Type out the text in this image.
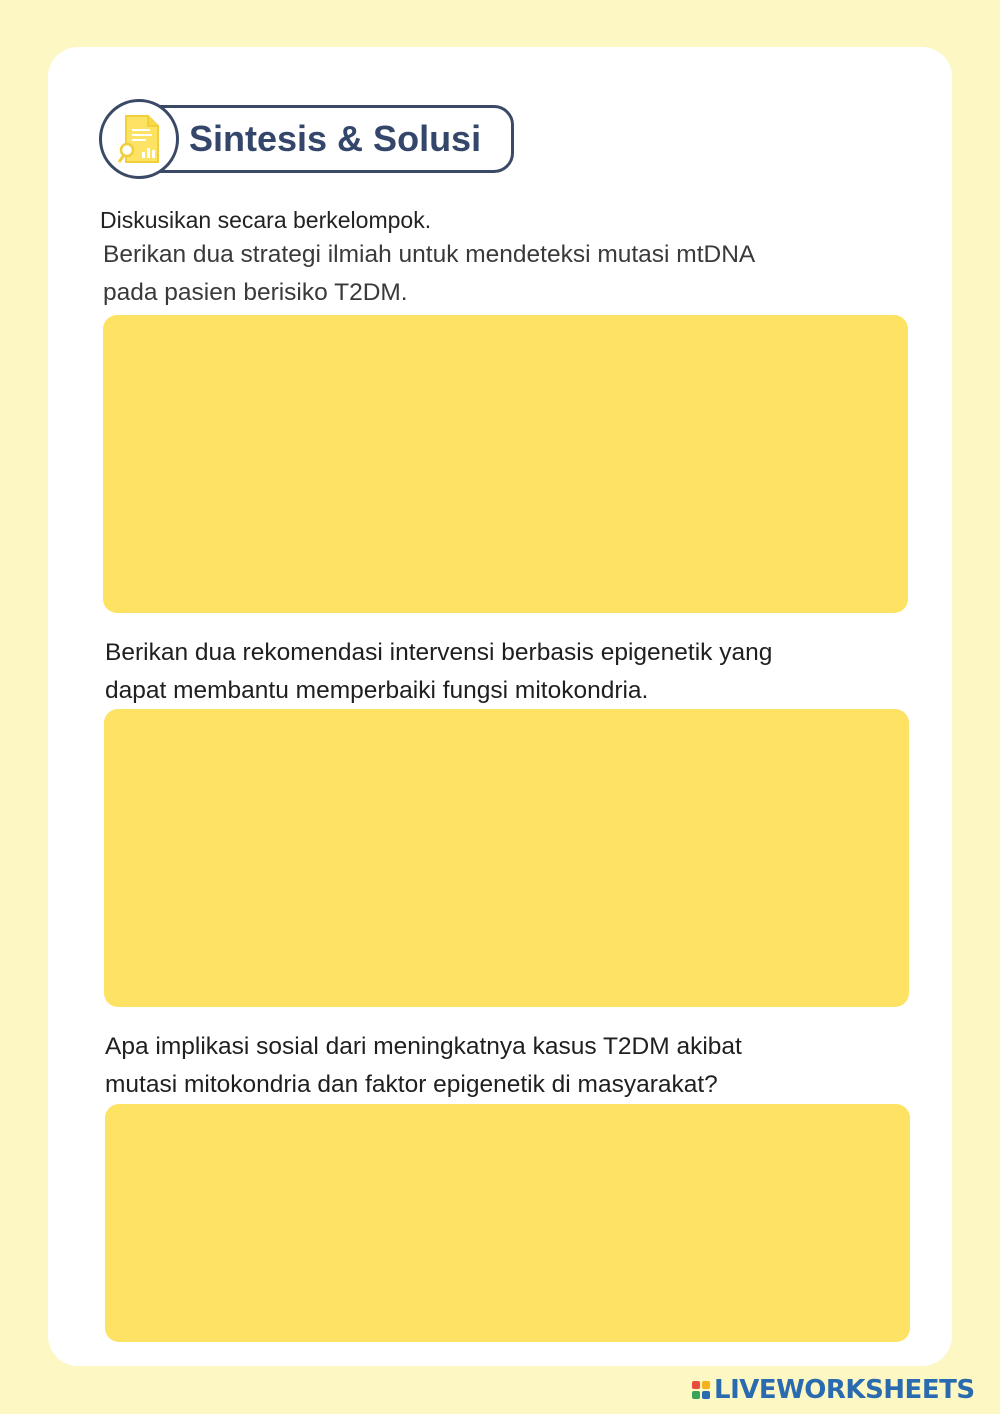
Sintesis & Solusi
Diskusikan secara berkelompok.
Berikan dua strategi ilmiah untuk mendeteksi mutasi mtDNA
pada pasien berisiko T2DM.
Berikan dua rekomendasi intervensi berbasis epigenetik yang
dapat membantu memperbaiki fungsi mitokondria.
Apa implikasi sosial dari meningkatnya kasus T2DM akibat
mutasi mitokondria dan faktor epigenetik di masyarakat?
LIVEWORKSHEETS
